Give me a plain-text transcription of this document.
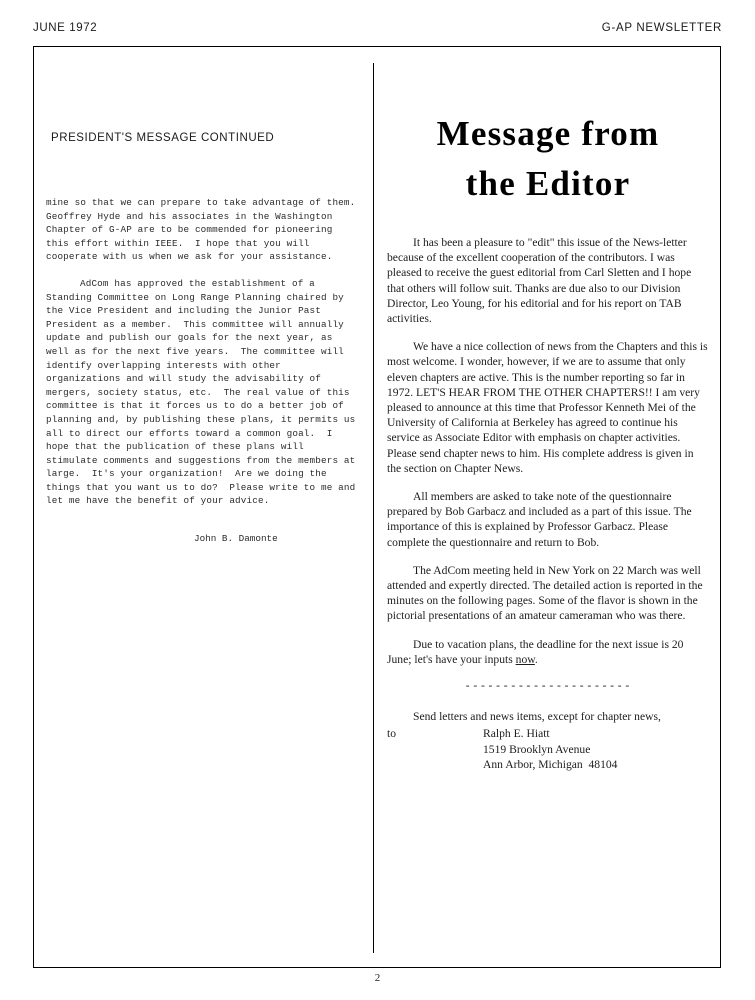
JUNE 1972	G-AP NEWSLETTER
PRESIDENT'S MESSAGE CONTINUED

mine so that we can prepare to take advantage of them.  Geoffrey Hyde and his associates in the Washington Chapter of G-AP are to be commended for pioneering this effort within IEEE.  I hope that you will cooperate with us when we ask for your assistance.

AdCom has approved the establishment of a Standing Committee on Long Range Planning chaired by the Vice President and including the Junior Past President as a member.  This committee will annually update and publish our goals for the next year, as well as for the next five years.  The committee will identify overlapping interests with other organizations and will study the advisability of mergers, society status, etc.  The real value of this committee is that it forces us to do a better job of planning and, by publishing these plans, it permits us all to direct our efforts toward a common goal.  I hope that the publication of these plans will stimulate comments and suggestions from the members at large.  It's your organization!  Are we doing the things that you want us to do?  Please write to me and let me have the benefit of your advice.

John B. Damonte
Message from
the Editor

It has been a pleasure to "edit" this issue of the News-letter because of the excellent cooperation of the contributors. I was pleased to receive the guest editorial from Carl Sletten and I hope that others will follow suit. Thanks are due also to our Division Director, Leo Young, for his editorial and for his report on TAB activities.

We have a nice collection of news from the Chapters and this is most welcome. I wonder, however, if we are to assume that only eleven chapters are active. This is the number reporting so far in 1972. LET'S HEAR FROM THE OTHER CHAPTERS!! I am very pleased to announce at this time that Professor Kenneth Mei of the University of California at Berkeley has agreed to continue his service as Associate Editor with emphasis on chapter activities. Please send chapter news to him. His complete address is given in the section on Chapter News.

All members are asked to take note of the questionnaire prepared by Bob Garbacz and included as a part of this issue. The importance of this is explained by Professor Garbacz. Please complete the questionnaire and return to Bob.

The AdCom meeting held in New York on 22 March was well attended and expertly directed. The detailed action is reported in the minutes on the following pages. Some of the flavor is shown in the pictorial presentations of an amateur cameraman who was there.

Due to vacation plans, the deadline for the next issue is 20 June; let's have your inputs now.

----------------------

Send letters and news items, except for chapter news,

to	Ralph E. Hiatt
1519 Brooklyn Avenue
Ann Arbor, Michigan  48104
2
